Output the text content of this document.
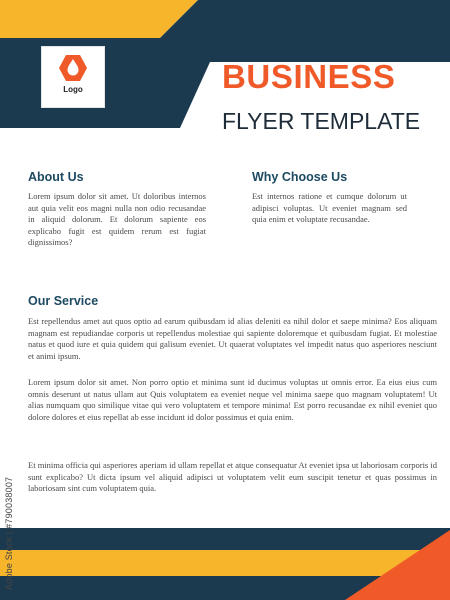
Logo	BUSINESS
FLYER TEMPLATE
About Us

Lorem ipsum dolor sit amet. Ut doloribus internos aut quia velit eos magni nulla non odio recusandae in aliquid dolorum. Et dolorum sapiente eos explicabo fugit est quidem rerum est fugiat dignissimos?

Why Choose Us

Est internos ratione et cumque dolorum ut adipisci voluptas. Ut eveniet magnam sed quia enim et voluptate recusandae.

Our Service

Est repellendus amet aut quos optio ad earum quibusdam id alias deleniti ea nihil dolor et saepe minima? Eos aliquam magnam est repudiandae corporis ut repellendus molestiae qui sapiente doloremque et quibusdam fugiat. Et molestiae natus et quod iure et quia quidem qui galisum eveniet. Ut quaerat voluptates vel impedit natus quo asperiores nesciunt et animi ipsum.

Lorem ipsum dolor sit amet. Non porro optio et minima sunt id ducimus voluptas ut omnis error. Ea eius eius cum omnis deserunt ut natus ullam aut Quis voluptatem ea eveniet neque vel minima saepe quo magnam voluptatem! Ut alias numquam quo similique vitae qui vero voluptatem et tempore minima! Est porro recusandae ex nihil eveniet quo dolore dolores et eius repellat ab esse incidunt id dolor possimus et quia enim.

Et minima officia qui asperiores aperiam id ullam repellat et atque consequatur At eveniet ipsa ut laboriosam corporis id sunt explicabo? Ut dicta ipsum vel aliquid adipisci ut voluptatem velit eum suscipit tenetur et quas possimus in laboriosam sint cum voluptatem quia.

Adobe Stock | #790038007
